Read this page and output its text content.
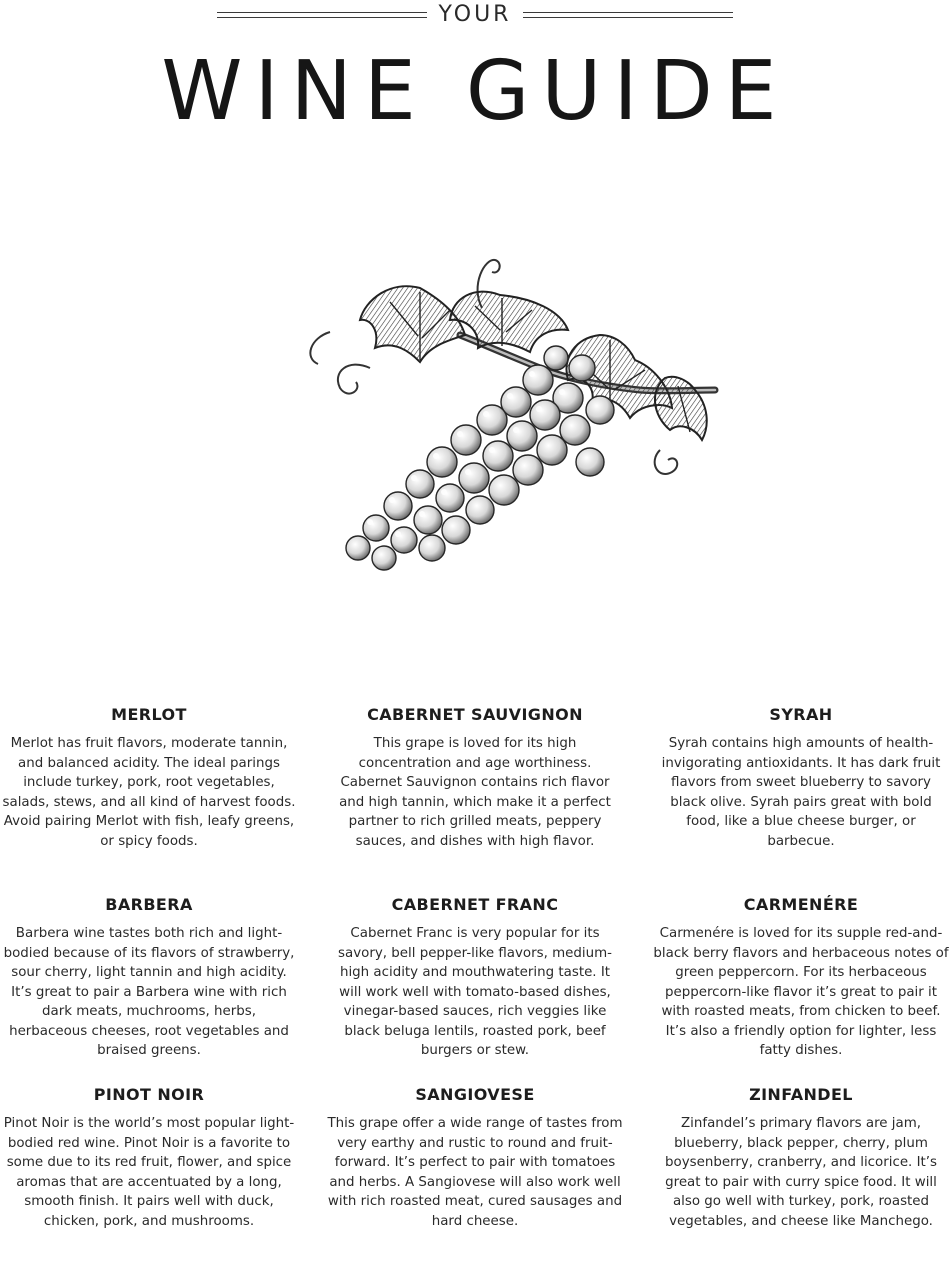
YOUR
WINE GUIDE
MERLOT

Merlot has fruit flavors, moderate tannin, and balanced acidity. The ideal parings include turkey, pork, root vegetables, salads, stews, and all kind of harvest foods. Avoid pairing Merlot with fish, leafy greens, or spicy foods.

CABERNET SAUVIGNON

This grape is loved for its high concentration and age worthiness. Cabernet Sauvignon contains rich flavor and high tannin, which make it a perfect partner to rich grilled meats, peppery sauces, and dishes with high flavor.

SYRAH

Syrah contains high amounts of health-invigorating antioxidants. It has dark fruit flavors from sweet blueberry to savory black olive. Syrah pairs great with bold food, like a blue cheese burger, or barbecue.

BARBERA

Barbera wine tastes both rich and light-bodied because of its flavors of strawberry, sour cherry, light tannin and high acidity. It’s great to pair a Barbera wine with rich dark meats, muchrooms, herbs, herbaceous cheeses, root vegetables and braised greens.

CABERNET FRANC

Cabernet Franc is very popular for its savory, bell pepper-like flavors, medium-high acidity and mouthwatering taste. It will work well with tomato-based dishes, vinegar-based sauces, rich veggies like black beluga lentils, roasted pork, beef burgers or stew.

CARMENÉRE

Carmenére is loved for its supple red-and-black berry flavors and herbaceous notes of green peppercorn. For its herbaceous peppercorn-like flavor it’s great to pair it with roasted meats, from chicken to beef. It’s also a friendly option for lighter, less fatty dishes.

PINOT NOIR

Pinot Noir is the world’s most popular light-bodied red wine. Pinot Noir is a favorite to some due to its red fruit, flower, and spice aromas that are accentuated by a long, smooth finish. It pairs well with duck, chicken, pork, and mushrooms.

SANGIOVESE

This grape offer a wide range of tastes from very earthy and rustic to round and fruit-forward. It’s perfect to pair with tomatoes and herbs. A Sangiovese will also work well with rich roasted meat, cured sausages and hard cheese.

ZINFANDEL

Zinfandel’s primary flavors are jam, blueberry, black pepper, cherry, plum boysenberry, cranberry, and licorice. It’s great to pair with curry spice food. It will also go well with turkey, pork, roasted vegetables, and cheese like Manchego.
